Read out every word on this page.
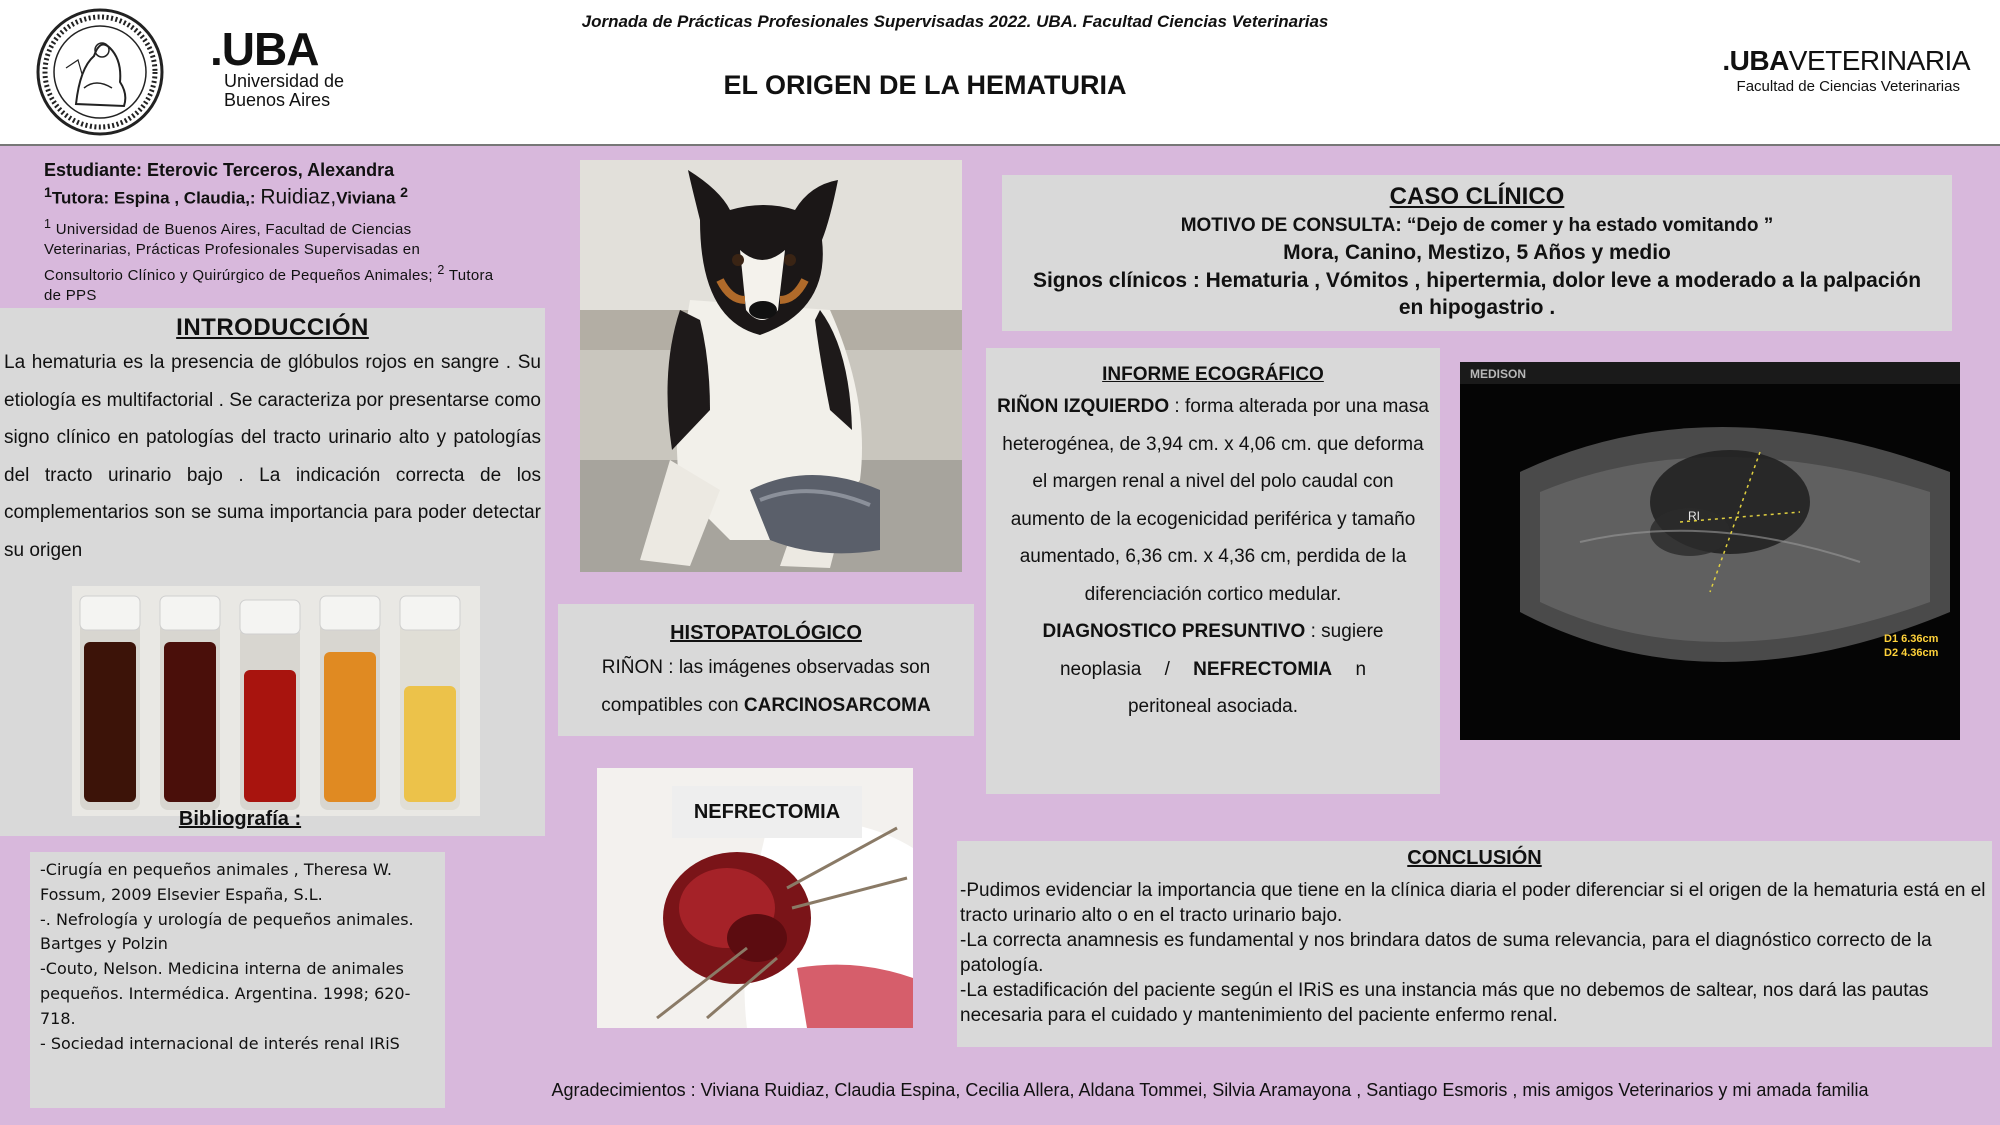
.UBA
Universidad de
Buenos Aires
Jornada de Prácticas Profesionales Supervisadas 2022. UBA. Facultad Ciencias Veterinarias
EL ORIGEN DE LA HEMATURIA
.UBAVETERINARIA
Facultad de Ciencias Veterinarias
Estudiante: Eterovic Terceros, Alexandra
$^1$Tutora: Espina , Claudia,: Ruidiaz,Viviana $^2$
$^1$ Universidad de Buenos Aires, Facultad de Ciencias Veterinarias, Prácticas Profesionales Supervisadas en Consultorio Clínico y Quirúrgico de Pequeños Animales; $^2$ Tutora de PPS
INTRODUCCIÓN
La hematuria es la presencia de glóbulos rojos en sangre . Su etiología es multifactorial . Se caracteriza por presentarse como signo clínico en patologías del tracto urinario alto y patologías del tracto urinario bajo . La indicación correcta de los complementarios son se suma importancia para poder detectar su origen
Bibliografía :
-Cirugía en pequeños animales , Theresa W. Fossum, 2009 Elsevier España, S.L.
-. Nefrología y urología de pequeños animales. Bartges y Polzin
-Couto, Nelson. Medicina interna de animales pequeños. Intermédica. Argentina. 1998; 620-718.
- Sociedad internacional de interés renal IRiS
HISTOPATOLÓGICO
RIÑON : las imágenes observadas son compatibles con CARCINOSARCOMA
NEFRECTOMIA
CASO CLÍNICO
MOTIVO DE CONSULTA: “Dejo de comer y ha estado vomitando ”
Mora, Canino, Mestizo, 5 Años y medio
Signos clínicos : Hematuria , Vómitos , hipertermia, dolor leve a moderado a la palpación en hipogastrio .
INFORME ECOGRÁFICO
RIÑON IZQUIERDO : forma alterada por una masa heterogénea, de 3,94 cm. x 4,06 cm. que deforma el margen renal a nivel del polo caudal con aumento de la ecogenicidad periférica y tamaño aumentado, 6,36 cm. x 4,36 cm, perdida de la diferenciación cortico medular.
DIAGNOSTICO PRESUNTIVO : sugiere
neoplasia / NEFRECTOMIA n
peritoneal asociada.
MEDISON
RI
D1 6.36cm
D2 4.36cm
CONCLUSIÓN
-Pudimos evidenciar la importancia que tiene en la clínica diaria el poder diferenciar si el origen de la hematuria está en el tracto urinario alto o en el tracto urinario bajo.
-La correcta anamnesis es fundamental y nos brindara datos de suma relevancia, para el diagnóstico correcto de la patología.
-La estadificación del paciente según el IRiS es una instancia más que no debemos de saltear, nos dará las pautas necesaria para el cuidado y mantenimiento del paciente enfermo renal.
Agradecimientos : Viviana Ruidiaz, Claudia Espina, Cecilia Allera, Aldana Tommei, Silvia Aramayona , Santiago Esmoris , mis amigos Veterinarios y mi amada familia
